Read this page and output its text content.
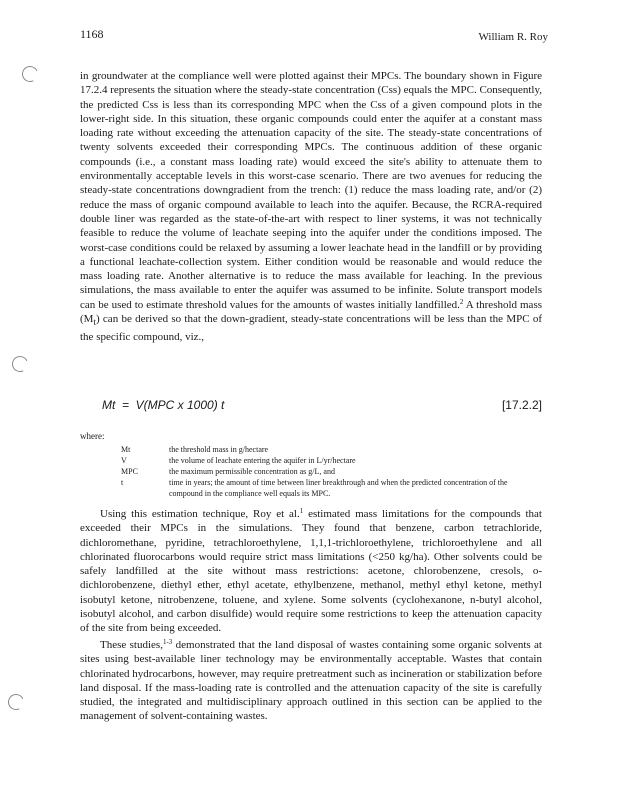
1168	William R. Roy

in groundwater at the compliance well were plotted against their MPCs. The boundary shown in Figure 17.2.4 represents the situation where the steady-state concentration (Css) equals the MPC. Consequently, the predicted Css is less than its corresponding MPC when the Css of a given compound plots in the lower-right side. In this situation, these organic compounds could enter the aquifer at a constant mass loading rate without exceeding the attenuation capacity of the site. The steady-state concentrations of twenty solvents exceeded their corresponding MPCs. The continuous addition of these organic compounds (i.e., a constant mass loading rate) would exceed the site's ability to attenuate them to environmentally acceptable levels in this worst-case scenario. There are two avenues for reducing the steady-state concentrations downgradient from the trench: (1) reduce the mass loading rate, and/or (2) reduce the mass of organic compound available to leach into the aquifer. Because, the RCRA-required double liner was regarded as the state-of-the-art with respect to liner systems, it was not technically feasible to reduce the volume of leachate seeping into the aquifer under the conditions imposed. The worst-case conditions could be relaxed by assuming a lower leachate head in the landfill or by providing a functional leachate-collection system. Either condition would be reasonable and would reduce the mass loading rate. Another alternative is to reduce the mass available for leaching. In the previous simulations, the mass available to enter the aquifer was assumed to be infinite. Solute transport models can be used to estimate threshold values for the amounts of wastes initially landfilled.$^2$ A threshold mass $(M_t)$ can be derived so that the down-gradient, steady-state concentrations will be less than the MPC of the specific compound, viz.,

Mt  =  V(MPC x 1000) t	[17.2.2]
where:
Mt	the threshold mass in g/hectare
V	the volume of leachate entering the aquifer in L/yr/hectare
MPC	the maximum permissible concentration as g/L, and
t	time in years; the amount of time between liner breakthrough and when the predicted concentration of the compound in the compliance well equals its MPC.

Using this estimation technique, Roy et al.$^1$ estimated mass limitations for the compounds that exceeded their MPCs in the simulations. They found that benzene, carbon tetrachloride, dichloromethane, pyridine, tetrachloroethylene, 1,1,1-trichloroethylene, trichloroethylene and all chlorinated fluorocarbons would require strict mass limitations (<250 kg/ha). Other solvents could be safely landfilled at the site without mass restrictions: acetone, chlorobenzene, cresols, o-dichlorobenzene, diethyl ether, ethyl acetate, ethylbenzene, methanol, methyl ethyl ketone, methyl isobutyl ketone, nitrobenzene, toluene, and xylene. Some solvents (cyclohexanone, n-butyl alcohol, isobutyl alcohol, and carbon disulfide) would require some restrictions to keep the attenuation capacity of the site from being exceeded.

These studies,$^{1-3}$ demonstrated that the land disposal of wastes containing some organic solvents at sites using best-available liner technology may be environmentally acceptable. Wastes that contain chlorinated hydrocarbons, however, may require pretreatment such as incineration or stabilization before land disposal. If the mass-loading rate is controlled and the attenuation capacity of the site is carefully studied, the integrated and multidisciplinary approach outlined in this section can be applied to the management of solvent-containing wastes.
